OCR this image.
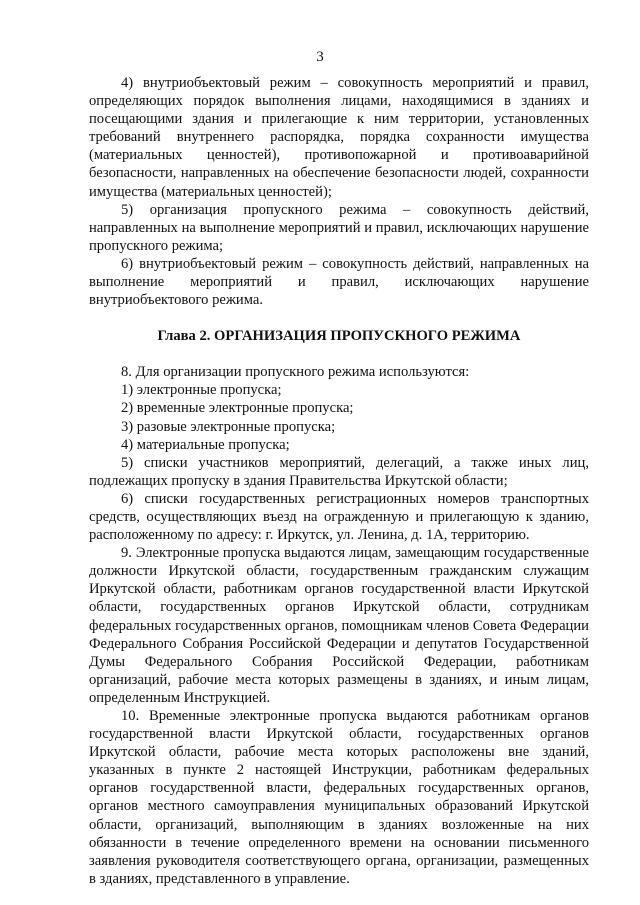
3

4) внутриобъектовый режим – совокупность мероприятий и правил, определяющих порядок выполнения лицами, находящимися в зданиях и посещающими здания и прилегающие к ним территории, установленных требований внутреннего распорядка, порядка сохранности имущества (материальных ценностей), противопожарной и противоаварийной безопасности, направленных на обеспечение безопасности людей, сохранности имущества (материальных ценностей);

5) организация пропускного режима – совокупность действий, направленных на выполнение мероприятий и правил, исключающих нарушение пропускного режима;

6) внутриобъектовый режим – совокупность действий, направленных на выполнение мероприятий и правил, исключающих нарушение внутриобъектового режима.

Глава 2. ОРГАНИЗАЦИЯ ПРОПУСКНОГО РЕЖИМА

8. Для организации пропускного режима используются:

1) электронные пропуска;

2) временные электронные пропуска;

3) разовые электронные пропуска;

4) материальные пропуска;

5) списки участников мероприятий, делегаций, а также иных лиц, подлежащих пропуску в здания Правительства Иркутской области;

6) списки государственных регистрационных номеров транспортных средств, осуществляющих въезд на огражденную и прилегающую к зданию, расположенному по адресу: г. Иркутск, ул. Ленина, д. 1А, территорию.

9. Электронные пропуска выдаются лицам, замещающим государственные должности Иркутской области, государственным гражданским служащим Иркутской области, работникам органов государственной власти Иркутской области, государственных органов Иркутской области, сотрудникам федеральных государственных органов, помощникам членов Совета Федерации Федерального Собрания Российской Федерации и депутатов Государственной Думы Федерального Собрания Российской Федерации, работникам организаций, рабочие места которых размещены в зданиях, и иным лицам, определенным Инструкцией.

10. Временные электронные пропуска выдаются работникам органов государственной власти Иркутской области, государственных органов Иркутской области, рабочие места которых расположены вне зданий, указанных в пункте 2 настоящей Инструкции, работникам федеральных органов государственной власти, федеральных государственных органов, органов местного самоуправления муниципальных образований Иркутской области, организаций, выполняющим в зданиях возложенные на них обязанности в течение определенного времени на основании письменного заявления руководителя соответствующего органа, организации, размещенных в зданиях, представленного в управление.
